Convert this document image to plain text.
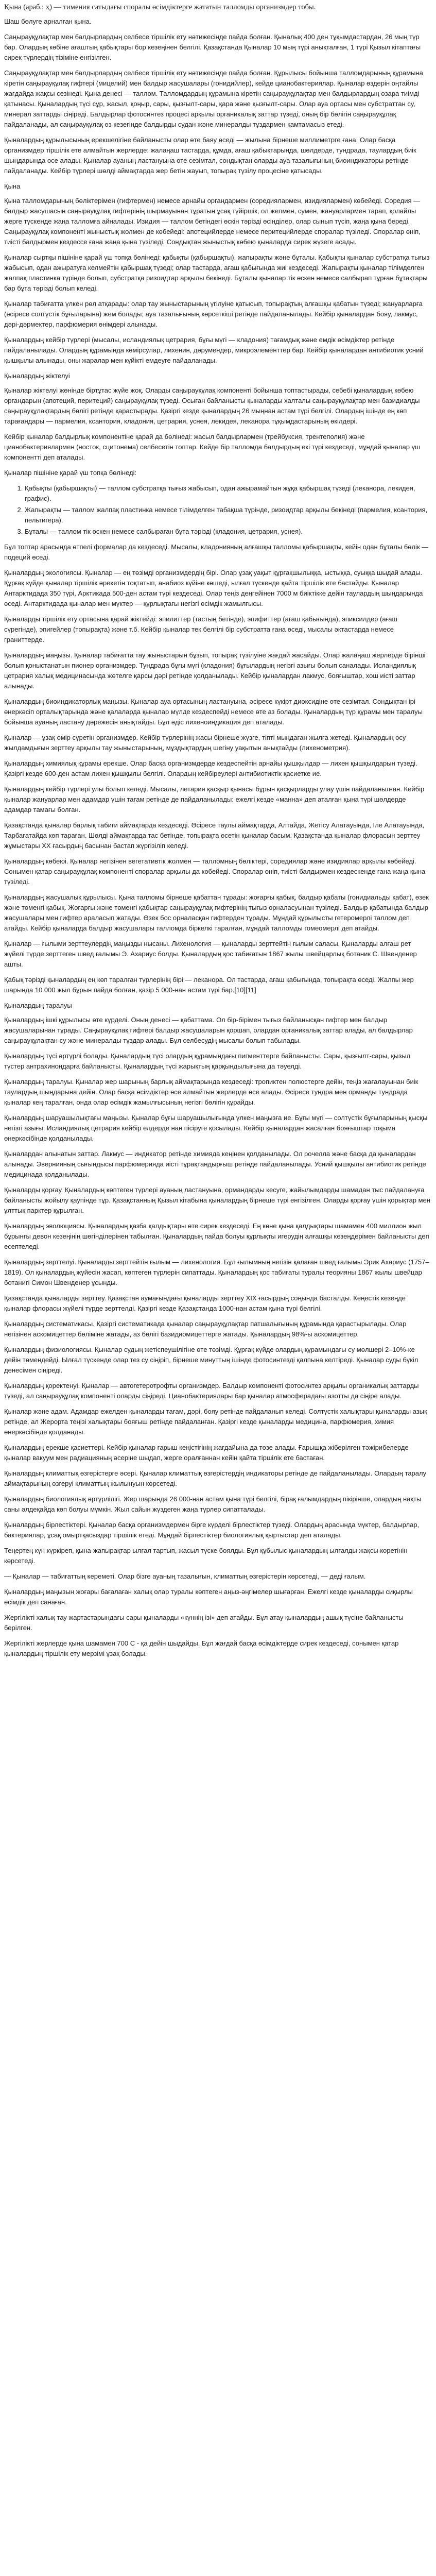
Қына (араб.: ҳ) — тимения сатыдағы споралы өсімдіктерге жататын талломды организмдер тобы.
Шаш бөлуге арналған қына.

Саңырауқұлақтар мен балдырлардың селбесе тіршілік ету нәтижесінде пайда болған. Қыналық 400 ден тұқымдастардан, 26 мың түр бар. Олардың көбіне ағаштың қабықтары бор кезеңінен белгілі. Қазақстанда Қыналар 10 мың түрі анықталған, 1 түрі Қызыл кітаптағы сирек түрлердің тізіміне енгізілген.

Саңырауқұлақтар мен балдырлардың селбесе тіршілік ету нәтижесінде пайда болған. Құрылысы бойынша талломдарының құрамына кіретін саңырауқұлақ гифтері (мицелий) мен балдыр жасушалары (гонидийлер), кейде цианобактериялар. Қыналар өздерін оңтайлы жағдайда жақсы сезінеді. Қына денесі — таллом. Талломдардың құрамына кіретін саңырауқұлақтар мен балдырлардың өзара тиімді қатынасы. Қыналардың түсі сұр, жасыл, қоңыр, сары, қызғылт-сары, қара және қызғылт-сары. Олар ауа ортасы мен субстраттан су, минерал заттарды сіңіреді. Балдырлар фотосинтез процесі арқылы органикалық заттар түзеді, оның бір бөлігін саңырауқұлақ пайдаланады, ал саңырауқұлақ өз кезегінде балдырды судан және минералды тұздармен қамтамасыз етеді.

Қыналардың құрылысының ерекшелігіне байланысты олар өте баяу өседі — жылына бірнеше миллиметрге ғана. Олар басқа организмдер тіршілік ете алмайтын жерлерде: жалаңаш тастарда, құмда, ағаш қабықтарында, шөлдерде, тундрада, таулардың биік шыңдарында өсе алады. Қыналар ауаның ластануына өте сезімтал, сондықтан оларды ауа тазалығының биоиндикаторы ретінде пайдаланады. Кейбір түрлері шөлді аймақтарда жер бетін жауып, топырақ түзілу процесіне қатысады.

Қына

Қына талломдарының бөліктерімен (гифтермен) немесе арнайы органдармен (соредиялармен, изидиялармен) көбейеді. Соредия — балдыр жасушасын саңырауқұлақ гифтерінің шырмауынан тұратын ұсақ түйіршік, ол желмен, сумен, жануарлармен тарап, қолайлы жерге түскенде жаңа талломға айналады. Изидия — таллом бетіндегі өскін тәрізді өсінділер, олар сынып түсіп, жаңа қына береді. Саңырауқұлақ компоненті жыныстық жолмен де көбейеді: апотецийлерде немесе перитецийлерде споралар түзіледі. Споралар өніп, тиісті балдырмен кездессе ғана жаңа қына түзіледі. Сондықтан жыныстық көбею қыналарда сирек жүзеге асады.

Қыналар сыртқы пішініне қарай үш топқа бөлінеді: қабықты (қабыршақты), жапырақты және бұталы. Қабықты қыналар субстратқа тығыз жабысып, одан ажыратуға келмейтін қабыршақ түзеді; олар тастарда, ағаш қабығында жиі кездеседі. Жапырақты қыналар тілімделген жалпақ пластинка түрінде болып, субстратқа ризоидтар арқылы бекінеді. Бұталы қыналар тік өскен немесе салбырап тұрған бұтақтары бар бұта тәрізді болып келеді.

Қыналар табиғатта үлкен рөл атқарады: олар тау жыныстарының үгілуіне қатысып, топырақтың алғашқы қабатын түзеді; жануарларға (әсіресе солтүстік бұғыларына) жем болады; ауа тазалығының көрсеткіші ретінде пайдаланылады. Кейбір қыналардан бояу, лакмус, дәрі-дәрмектер, парфюмерия өнімдері алынады.

Қыналардың кейбір түрлері (мысалы, исландиялық цетрария, бұғы мүгі — кладония) тағамдық және емдік өсімдіктер ретінде пайдаланылады. Олардың құрамында көмірсулар, лихенин, дәрумендер, микроэлементтер бар. Кейбір қыналардан антибиотик усний қышқылы алынады, оны жаралар мен күйікті емдеуге пайдаланады.

Қыналардың жіктелуі

Қыналар жіктелуі жөнінде біртұтас жүйе жоқ. Оларды саңырауқұлақ компоненті бойынша топтастырады, себебі қыналардың көбею органдарын (апотеций, перитеций) саңырауқұлақ түзеді. Осыған байланысты қыналарды халталы саңырауқұлақтар мен базидиалды саңырауқұлақтардың бөлігі ретінде қарастырады. Қазіргі кезде қыналардың 26 мыңнан астам түрі белгілі. Олардың ішінде ең көп тарағандары — пармелия, ксантория, кладония, цетрария, уснея, лекидея, леканора тұқымдастарының өкілдері.

Кейбір қыналар балдырлық компонентіне қарай да бөлінеді: жасыл балдырлармен (трейбуксия, трентеполия) және цианобактериялармен (носток, сцитонема) селбесетін топтар. Кейде бір талломда балдырдың екі түрі кездеседі, мұндай қыналар үш компонентті деп аталады.

Қыналар пішініне қарай үш топқа бөлінеді:

1. Қабықты (қабыршақты) — таллом субстратқа тығыз жабысып, одан ажырамайтын жұқа қабыршақ түзеді (леканора, лекидея, графис).
2. Жапырақты — таллом жалпақ пластинка немесе тілімделген табақша түрінде, ризоидтар арқылы бекінеді (пармелия, ксантория, пельтигера).
3. Бұталы — таллом тік өскен немесе салбыраған бұта тәрізді (кладония, цетрария, уснея).

Бұл топтар арасында өтпелі формалар да кездеседі. Мысалы, кладонияның алғашқы талломы қабыршақты, кейін одан бұталы бөлік — подеций өседі.

Қыналардың экологиясы. Қыналар — ең төзімді организмдердің бірі. Олар ұзақ уақыт құрғақшылыққа, ыстыққа, суыққа шыдай алады. Құрғақ күйде қыналар тіршілік әрекетін тоқтатып, анабиоз күйіне көшеді, ылғал түскенде қайта тіршілік ете бастайды. Қыналар Антарктидада 350 түрі, Арктикада 500-ден астам түрі кездеседі. Олар теңіз деңгейінен 7000 м биіктікке дейін таулардың шыңдарында өседі. Антарктидада қыналар мен мүктер — құрлықтағы негізгі өсімдік жамылғысы.

Қыналарды тіршілік ету ортасына қарай жіктейді: эпилиттер (тастың бетінде), эпифиттер (ағаш қабығында), эпиксилдер (ағаш сүрегінде), эпигейлер (топырақта) және т.б. Кейбір қыналар тек белгілі бір субстратта ғана өседі, мысалы әктастарда немесе граниттерде.

Қыналардың маңызы. Қыналар табиғатта тау жыныстарын бұзып, топырақ түзілуіне жағдай жасайды. Олар жалаңаш жерлерде бірінші болып қоныстанатын пионер организмдер. Тундрада бұғы мүгі (кладония) бұғылардың негізгі азығы болып саналады. Исландиялық цетрария халық медицинасында жөтелге қарсы дәрі ретінде қолданылады. Кейбір қыналардан лакмус, бояғыштар, хош иісті заттар алынады.

Қыналардың биоиндикаторлық маңызы. Қыналар ауа ортасының ластануына, әсіресе күкірт диоксидіне өте сезімтал. Сондықтан ірі өнеркәсіп орталықтарында және қалаларда қыналар мүлде кездеспейді немесе өте аз болады. Қыналардың түр құрамы мен таралуы бойынша ауаның ластану дәрежесін анықтайды. Бұл әдіс лихеноиндикация деп аталады.

Қыналар — ұзақ өмір сүретін организмдер. Кейбір түрлерінің жасы бірнеше жүзге, тіпті мыңдаған жылға жетеді. Қыналардың өсу жылдамдығын зерттеу арқылы тау жыныстарының, мұздықтардың шегіну уақытын анықтайды (лихенометрия).

Қыналардың химиялық құрамы ерекше. Олар басқа организмдерде кездеспейтін арнайы қышқылдар — лихен қышқылдарын түзеді. Қазіргі кезде 600-ден астам лихен қышқылы белгілі. Олардың кейбіреулері антибиотиктік қасиетке ие.

Қыналардың кейбір түрлері улы болып келеді. Мысалы, летария қасқыр қынасы бұрын қасқырларды улау үшін пайдаланылған. Кейбір қыналар жануарлар мен адамдар үшін тағам ретінде де пайдаланылады: ежелгі кезде «манна» деп аталған қына түрі шөлдерде адамдар тамағы болған.

Қазақстанда қыналар барлық табиғи аймақтарда кездеседі. Әсіресе таулы аймақтарда, Алтайда, Жетісу Алатауында, Іле Алатауында, Тарбағатайда көп тараған. Шөлді аймақтарда тас бетінде, топырақта өсетін қыналар басым. Қазақстанда қыналар флорасын зерттеу жұмыстары XX ғасырдың басынан бастап жүргізіліп келеді.

Қыналардың көбеюі. Қыналар негізінен вегетативтік жолмен — талломның бөліктері, соредиялар және изидиялар арқылы көбейеді. Сонымен қатар саңырауқұлақ компоненті споралар арқылы да көбейеді. Споралар өніп, тиісті балдырмен кездескенде ғана жаңа қына түзіледі.

Қыналардың жасушалық құрылысы. Қына талломы бірнеше қабаттан тұрады: жоғарғы қабық, балдыр қабаты (гонидиальды қабат), өзек және төменгі қабық. Жоғарғы және төменгі қабықтар саңырауқұлақ гифтерінің тығыз орналасуынан түзіледі. Балдыр қабатында балдыр жасушалары мен гифтер араласып жатады. Өзек бос орналасқан гифтерден тұрады. Мұндай құрылысты гетеромерлі таллом деп атайды. Кейбір қыналарда балдыр жасушалары талломда біркелкі таралған, мұндай талломды гомеомерлі деп атайды.

Қыналар — ғылыми зерттеулердің маңызды нысаны. Лихенология — қыналарды зерттейтін ғылым саласы. Қыналарды алғаш рет жүйелі түрде зерттеген швед ғалымы Э. Ахариус болды. Қыналардың қос табиғатын 1867 жылы швейцарлық ботаник С. Швенденер ашты.

Қабық тәрізді қыналардың ең көп таралған түрлерінің бірі — леканора. Ол тастарда, ағаш қабығында, топырақта өседі. Жалпы жер шарында 10 000 жыл бұрын пайда болған, қазір 5 000-нан астам түрі бар.[10][11]

Қыналардың таралуы

Қыналардың ішкі құрылысы өте күрделі. Оның денесі — қабаттама. Ол бір-бірімен тығыз байланысқан гифтер мен балдыр жасушаларынан тұрады. Саңырауқұлақ гифтері балдыр жасушаларын қоршап, олардан органикалық заттар алады, ал балдырлар саңырауқұлақтан су және минералды тұздар алады. Бұл селбесудің мысалы болып табылады.

Қыналардың түсі әртүрлі болады. Қыналардың түсі олардың құрамындағы пигменттерге байланысты. Сары, қызғылт-сары, қызыл түстер антрахинондарға байланысты. Қыналардың түсі жарықтың қарқындылығына да тәуелді.

Қыналардың таралуы. Қыналар жер шарының барлық аймақтарында кездеседі: тропиктен полюстерге дейін, теңіз жағалауынан биік таулардың шыңдарына дейін. Олар басқа өсімдіктер өсе алмайтын жерлерде өсе алады. Әсіресе тундра мен орманды тундрада қыналар кең таралған, онда олар өсімдік жамылғысының негізгі бөлігін құрайды.

Қыналардың шаруашылықтағы маңызы. Қыналар бұғы шаруашылығында үлкен маңызға ие. Бұғы мүгі — солтүстік бұғыларының қысқы негізгі азығы. Исландиялық цетрария кейбір елдерде нан пісіруге қосылады. Кейбір қыналардан жасалған бояғыштар тоқыма өнеркәсібінде қолданылады.

Қыналардан алынатын заттар. Лакмус — индикатор ретінде химияда кеңінен қолданылады. Ол рочелла және басқа да қыналардан алынады. Эвернияның сығындысы парфюмерияда иісті тұрақтандырғыш ретінде пайдаланылады. Усний қышқылы антибиотик ретінде медицинада қолданылады.

Қыналарды қорғау. Қыналардың көптеген түрлері ауаның ластануына, ормандарды кесуге, жайылымдарды шамадан тыс пайдалануға байланысты жойылу қаупінде тұр. Қазақстанның Қызыл кітабына қыналардың бірнеше түрі енгізілген. Оларды қорғау үшін қорықтар мен ұлттық парктер құрылған.

Қыналардың эволюциясы. Қыналардың қазба қалдықтары өте сирек кездеседі. Ең көне қына қалдықтары шамамен 400 миллион жыл бұрынғы девон кезеңінің шөгінділерінен табылған. Қыналардың пайда болуы құрлықты игерудің алғашқы кезеңдерімен байланысты деп есептеледі.

Қыналардың зерттелуі. Қыналарды зерттейтін ғылым — лихенология. Бұл ғылымның негізін қалаған швед ғалымы Эрик Ахариус (1757–1819). Ол қыналардың жүйесін жасап, көптеген түрлерін сипаттады. Қыналардың қос табиғаты туралы теорияны 1867 жылы швейцар ботанигі Симон Швенденер ұсынды.

Қазақстанда қыналарды зерттеу. Қазақстан аумағындағы қыналарды зерттеу XIX ғасырдың соңында басталды. Кеңестік кезеңде қыналар флорасы жүйелі түрде зерттелді. Қазіргі кезде Қазақстанда 1000-нан астам қына түрі белгілі.

Қыналардың систематикасы. Қазіргі систематикада қыналар саңырауқұлақтар патшалығының құрамында қарастырылады. Олар негізінен аскомицеттер бөліміне жатады, аз бөлігі базидиомицеттерге жатады. Қыналардың 98%-ы аскомицеттер.

Қыналардың физиологиясы. Қыналар судың жетіспеушілігіне өте төзімді. Құрғақ күйде олардың құрамындағы су мөлшері 2–10%-ке дейін төмендейді. Ылғал түскенде олар тез су сіңіріп, бірнеше минуттың ішінде фотосинтезді қалпына келтіреді. Қыналар суды бүкіл денесімен сіңіреді.

Қыналардың қоректенуі. Қыналар — автогетеротрофты организмдер. Балдыр компоненті фотосинтез арқылы органикалық заттарды түзеді, ал саңырауқұлақ компоненті оларды сіңіреді. Цианобактериялары бар қыналар атмосферадағы азотты да сіңіре алады.

Қыналар және адам. Адамдар ежелден қыналарды тағам, дәрі, бояу ретінде пайдаланып келеді. Солтүстік халықтары қыналарды азық ретінде, ал Жерорта теңізі халықтары бояғыш ретінде пайдаланған. Қазіргі кезде қыналарды медицина, парфюмерия, химия өнеркәсібінде қолданады.

Қыналардың ерекше қасиеттері. Кейбір қыналар ғарыш кеңістігінің жағдайына да төзе алады. Ғарышқа жіберілген тәжірибелерде қыналар вакуум мен радиацияның әсеріне шыдап, жерге оралғаннан кейін қайта тіршілік ете бастаған.

Қыналардың климаттық өзгерістерге әсері. Қыналар климаттық өзгерістердің индикаторы ретінде де пайдаланылады. Олардың таралу аймақтарының өзгеруі климаттың жылынуын көрсетеді.

Қыналардың биологиялық әртүрлілігі. Жер шарында 26 000-нан астам қына түрі белгілі, бірақ ғалымдардың пікірінше, олардың нақты саны әлдеқайда көп болуы мүмкін. Жыл сайын жүздеген жаңа түрлер сипатталады.

Қыналардың бірлестіктері. Қыналар басқа организмдермен бірге күрделі бірлестіктер түзеді. Олардың арасында мүктер, балдырлар, бактериялар, ұсақ омыртқасыздар тіршілік етеді. Мұндай бірлестіктер биологиялық қыртыстар деп аталады.

Теңертең күн күркіреп, қына-жапырақтар ылғал тартып, жасыл түске боялды. Бұл құбылыс қыналардың ылғалды жақсы көретінін көрсетеді.

— Қыналар — табиғаттың кереметі. Олар бізге ауаның тазалығын, климаттың өзгерістерін көрсетеді, — деді ғалым.

Қыналардың маңызын жоғары бағалаған халық олар туралы көптеген аңыз-әңгімелер шығарған. Ежелгі кезде қыналарды сиқырлы өсімдік деп санаған.

Жергілікті халық тау жартастарындағы сары қыналарды «күннің ізі» деп атайды. Бұл атау қыналардың ашық түсіне байланысты берілген.

Жергілікті жерлерде қына шамамен 700 С - қа дейін шыдайды. Бұл жағдай басқа өсімдіктерде сирек кездеседі, сонымен қатар қыналардың тіршілік ету мерзімі ұзақ болады.
